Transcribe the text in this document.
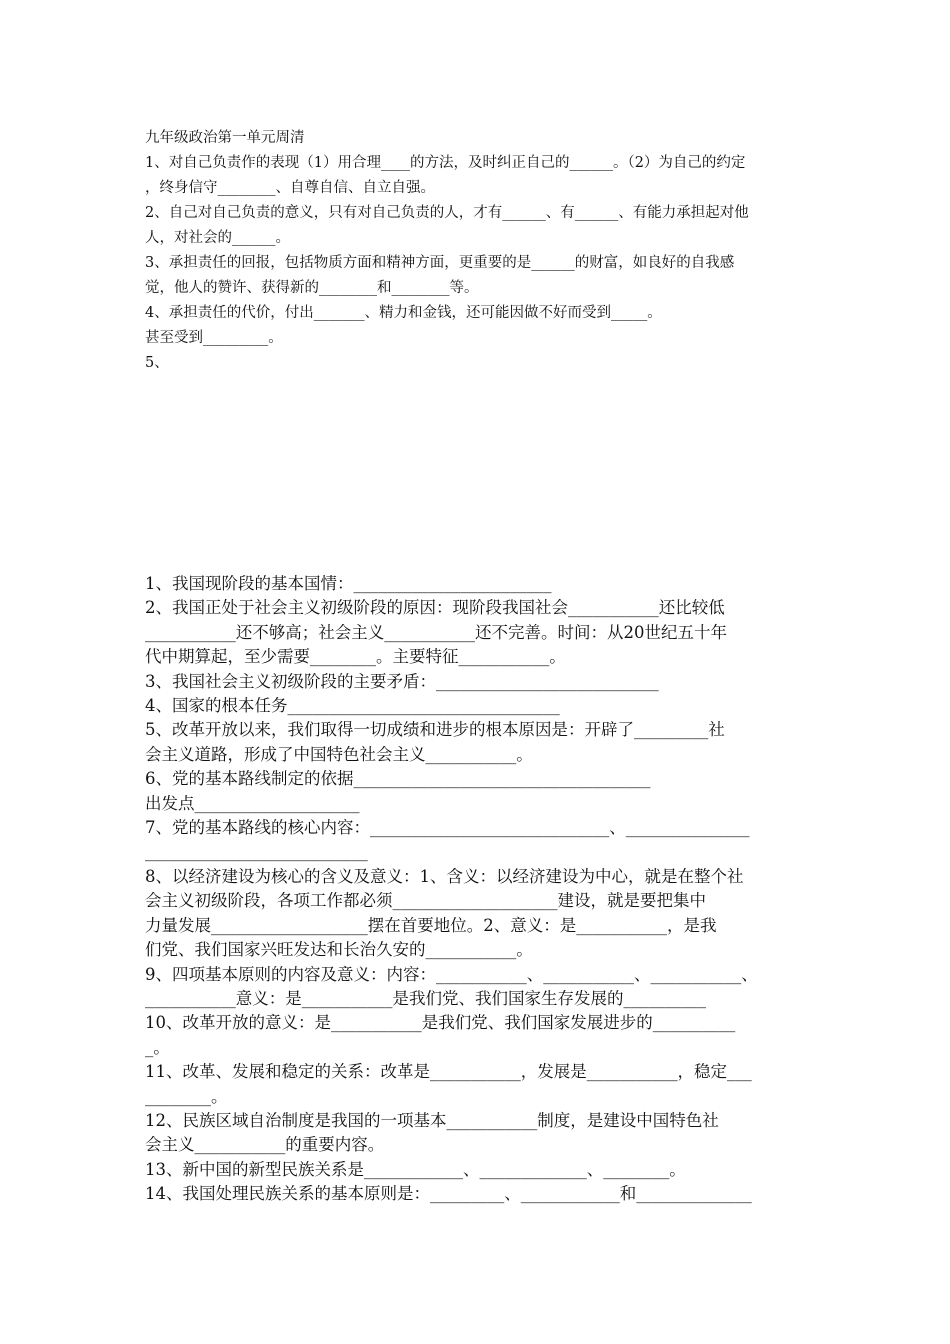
九年级政治第一单元周清
1、对自己负责作的表现（1）用合理____的方法，及时纠正自己的______。（2）为自己的约定
，终身信守________、自尊自信、自立自强。
2、自己对自己负责的意义，只有对自己负责的人，才有______、有______、有能力承担起对他
人，对社会的______。
3、承担责任的回报，包括物质方面和精神方面，更重要的是______的财富，如良好的自我感
觉，他人的赞许、获得新的________和________等。
4、承担责任的代价，付出_______、精力和金钱，还可能因做不好而受到_____。
甚至受到_________。
5、
1、我国现阶段的基本国情：________________________
2、我国正处于社会主义初级阶段的原因：现阶段我国社会___________还比较低
___________还不够高；社会主义___________还不完善。时间：从20世纪五十年
代中期算起，至少需要________。主要特征___________。
3、我国社会主义初级阶段的主要矛盾：___________________________
4、国家的根本任务_________________________________
5、改革开放以来，我们取得一切成绩和进步的根本原因是：开辟了_________社
会主义道路，形成了中国特色社会主义___________。
6、党的基本路线制定的依据____________________________________
出发点____________________
7、党的基本路线的核心内容：_____________________________、_______________
___________________________
8、以经济建设为核心的含义及意义：1、含义：以经济建设为中心，就是在整个社
会主义初级阶段，各项工作都必须____________________建设，就是要把集中
力量发展___________________摆在首要地位。2、意义：是___________，是我
们党、我们国家兴旺发达和长治久安的___________。
9、四项基本原则的内容及意义：内容：___________、___________、___________、
___________意义：是___________是我们党、我们国家生存发展的__________
10、改革开放的意义：是___________是我们党、我们国家发展进步的__________
_。
11、改革、发展和稳定的关系：改革是___________，发展是___________，稳定___
________。
12、民族区域自治制度是我国的一项基本___________制度，是建设中国特色社
会主义___________的重要内容。
13、新中国的新型民族关系是____________、_____________、________。
14、我国处理民族关系的基本原则是：_________、____________和______________
